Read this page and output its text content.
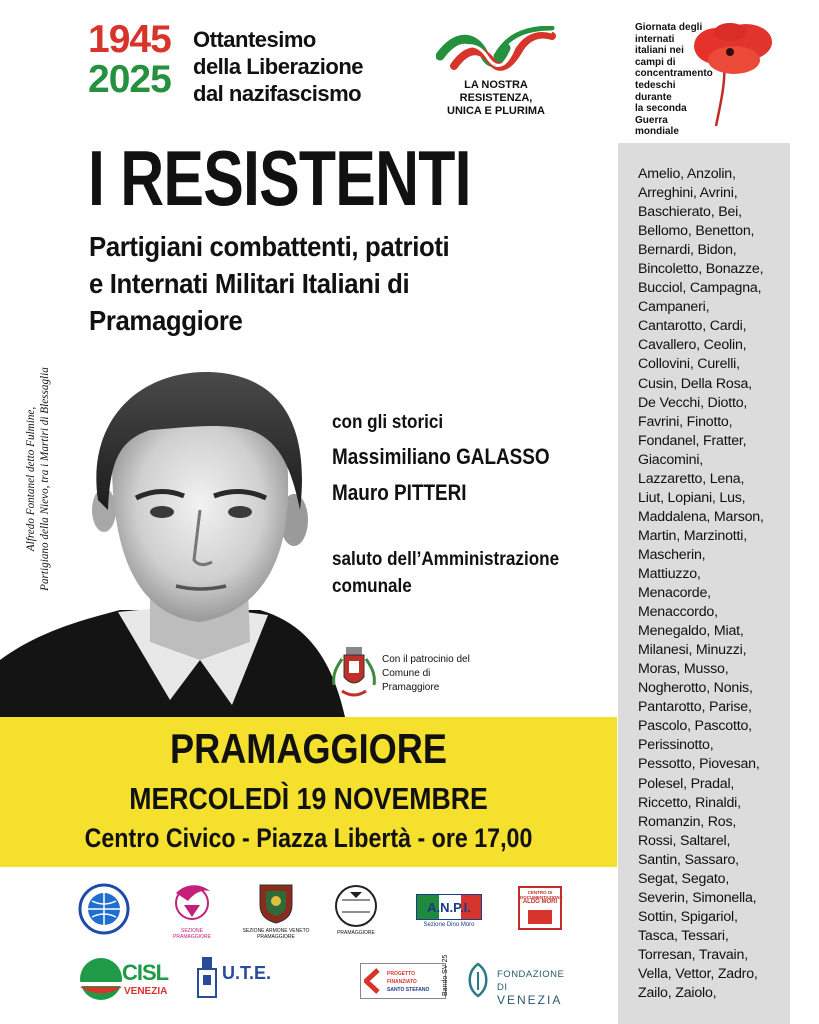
1945
2025
Ottantesimo
della Liberazione
dal nazifascismo	LA NOSTRA RESISTENZA,
UNICA E PLURIMA
Giornata degli
internati
italiani nei
campi di
concentramento
tedeschi durante
la seconda Guerra
mondiale
I RESISTENTI
Partigiani combattenti, patrioti
e Internati Militari Italiani di
Pramaggiore
Alfredo Fontanel detto Fulmine, Partigiano della Nievo, tra i Martiri di Blessaglia	con gli storici
Massimiliano GALASSO
Mauro PITTERI
saluto dell’Amministrazione
comunale
Con il patrocinio del
Comune di
Pramaggiore
PRAMAGGIORE
MERCOLEDÌ 19 NOVEMBRE
Centro Civico - Piazza Libertà - ore 17,00

Amelio, Anzolin,

Arreghini, Avrini,

Baschierato, Bei,

Bellomo, Benetton,

Bernardi, Bidon,

Bincoletto, Bonazze,

Bucciol, Campagna,

Campaneri,

Cantarotto, Cardi,

Cavallero, Ceolin,

Collovini, Curelli,

Cusin, Della Rosa,

De Vecchi, Diotto,

Favrini, Finotto,

Fondanel, Fratter,

Giacomini,

Lazzaretto, Lena,

Liut, Lopiani, Lus,

Maddalena, Marson,

Martin, Marzinotti,

Mascherin,

Mattiuzzo,

Menacorde,

Menaccordo,

Menegaldo, Miat,

Milanesi, Minuzzi,

Moras, Musso,

Nogherotto, Nonis,

Pantarotto, Parise,

Pascolo, Pascotto,

Perissinotto,

Pessotto, Piovesan,

Polesel, Pradal,

Riccetto, Rinaldi,

Romanzin, Ros,

Rossi, Saltarel,

Santin, Sassaro,

Segat, Segato,

Severin, Simonella,

Sottin, Spigariol,

Tasca, Tessari,

Torresan, Travain,

Vella, Vettor, Zadro,

Zailo, Zaiolo,

SEZIONE PRAMAGGIORE
SEZIONE ARMONE VENETO PRAMAGGIORE
PRAMAGGIORE
A.N.P.I.
Sezione Dino Moro
CENTRO DI
DOCUMENTAZIONE
ALDO MORI
CISL
VENEZIA
U.T.E.	PROGETTO FINANZIATO
SANTO STEFANO	Bando SV 25	FONDAZIONE DI
VENEZIA
